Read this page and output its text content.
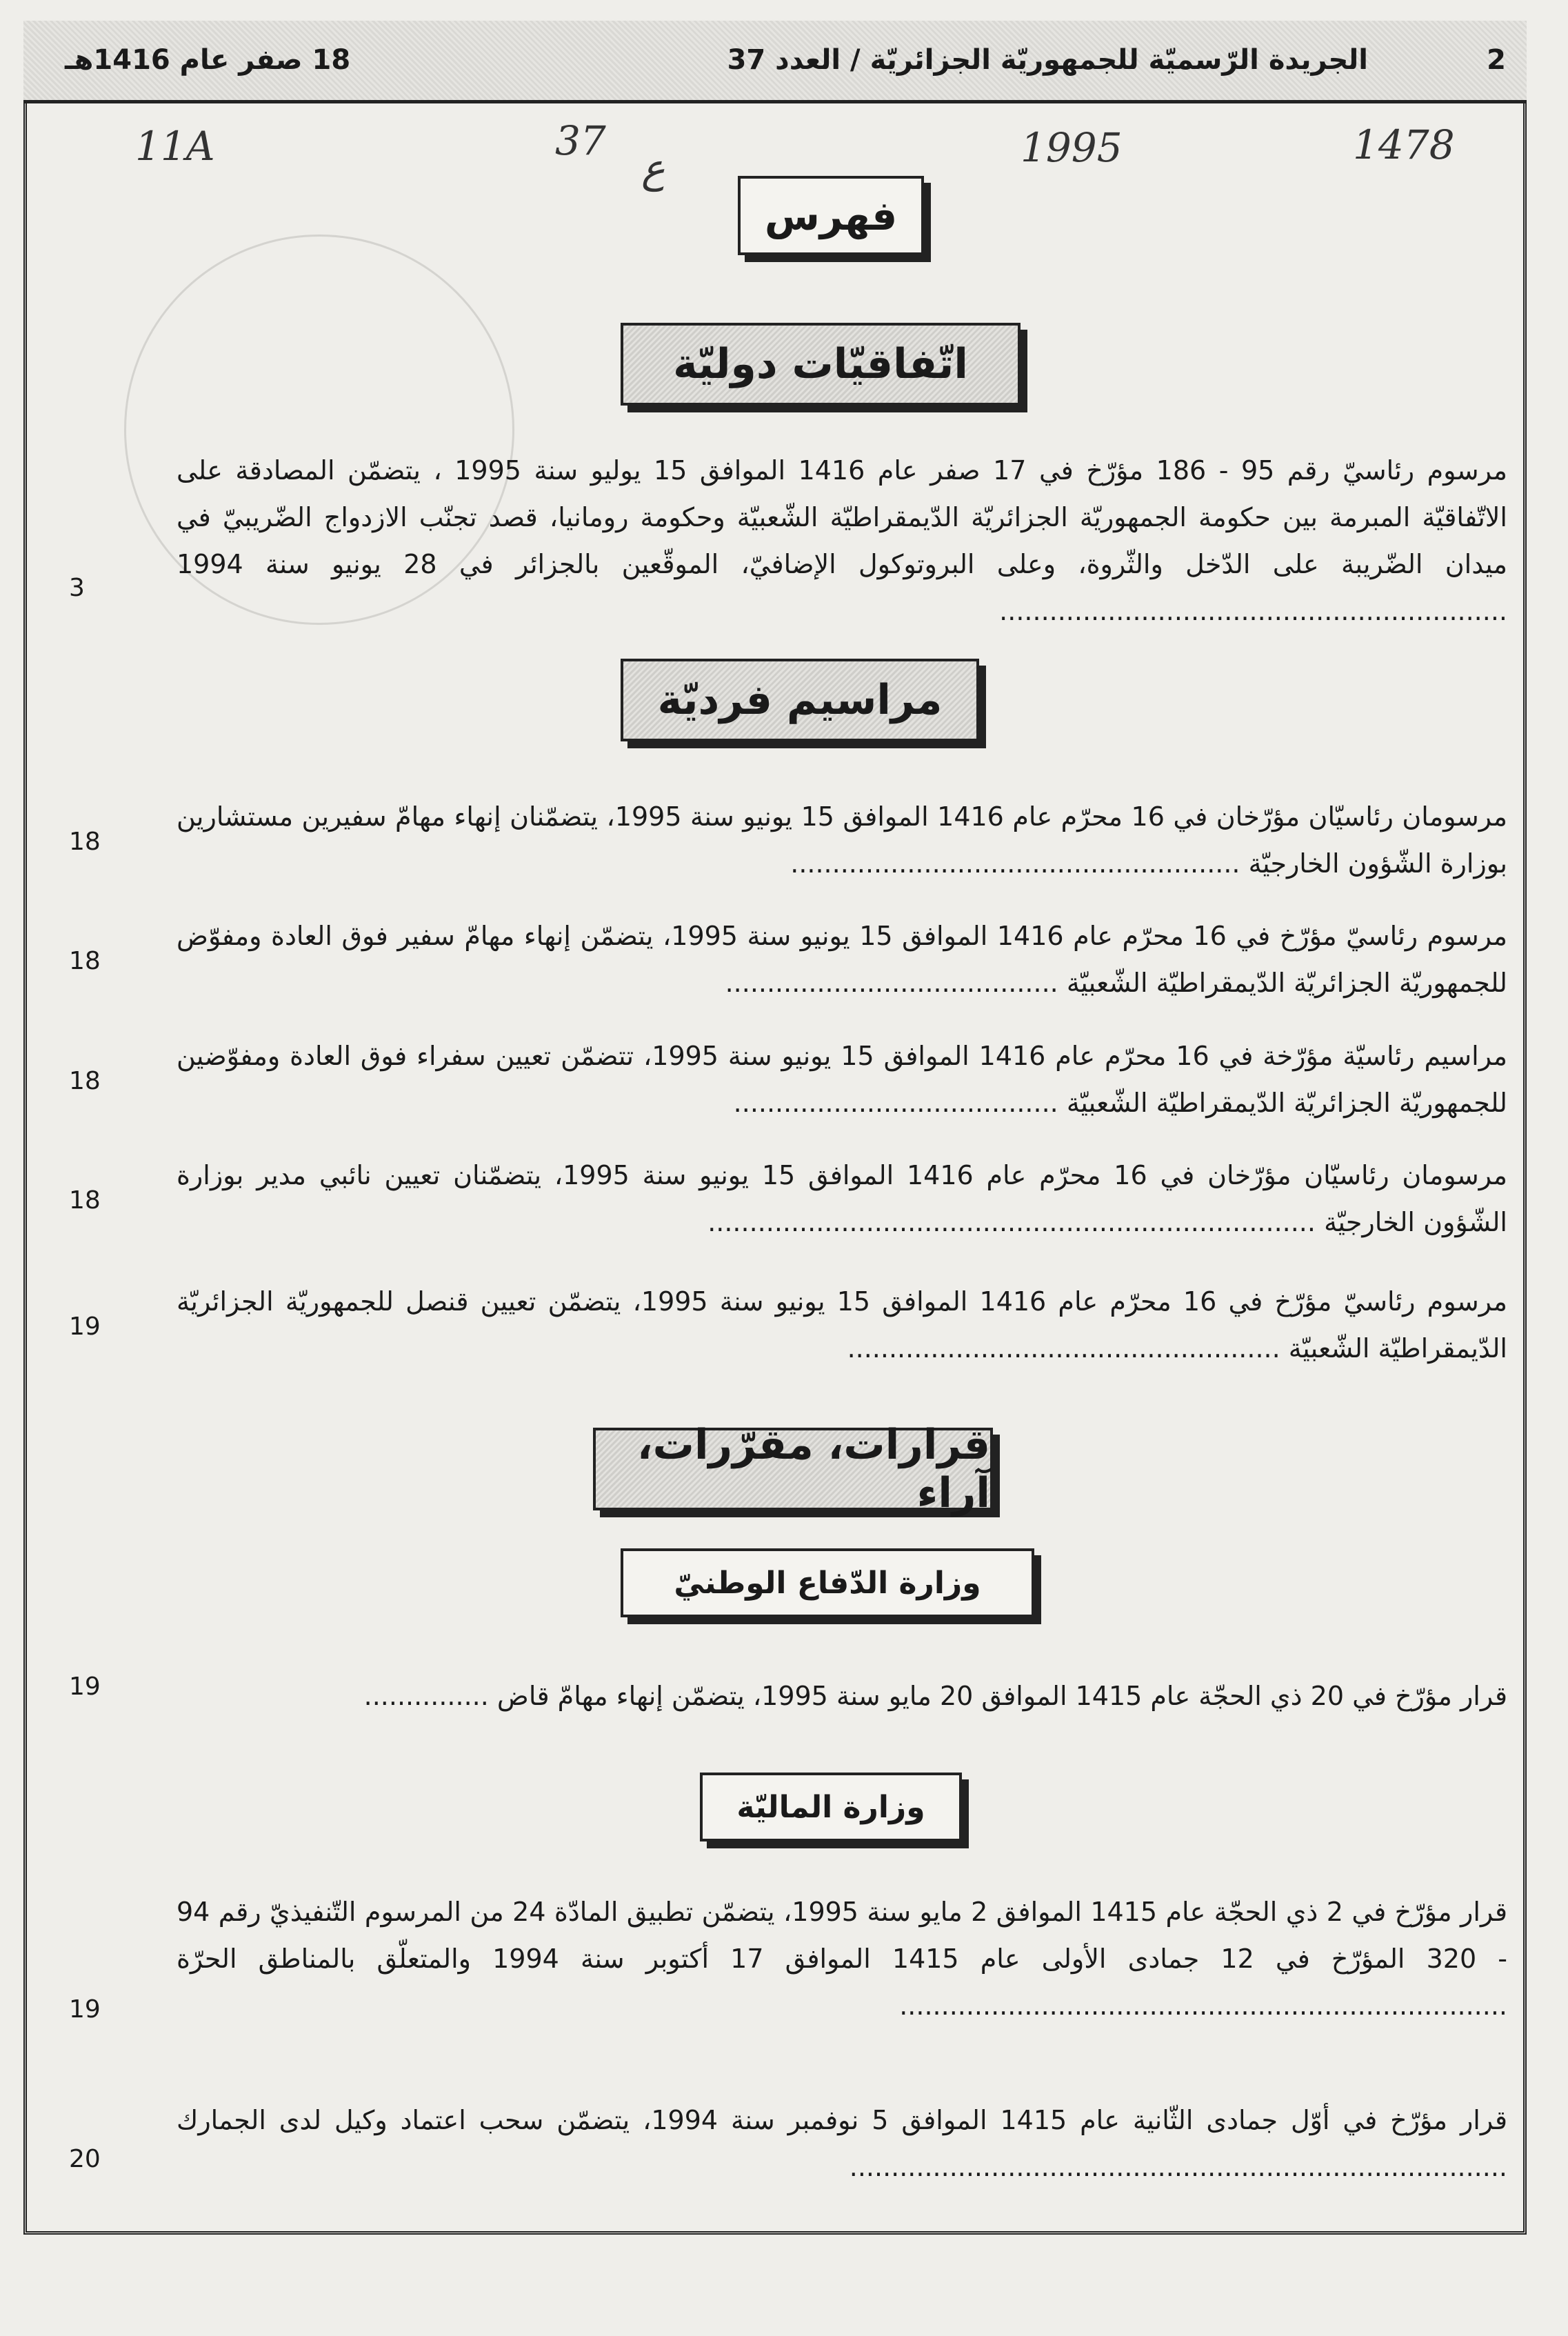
2
الجريدة الرّسميّة للجمهوريّة الجزائريّة / العدد 37
18 صفر عام 1416هـ
11A	37
ع	1995	1478
فهرس
اتّفاقيّات دوليّة

مرسوم رئاسيّ رقم 95 - 186 مؤرّخ في 17 صفر عام 1416 الموافق 15 يوليو سنة 1995 ، يتضمّن المصادقة على الاتّفاقيّة المبرمة بين حكومة الجمهوريّة الجزائريّة الدّيمقراطيّة الشّعبيّة وحكومة رومانيا، قصد تجنّب الازدواج الضّريبيّ في ميدان الضّريبة على الدّخل والثّروة، وعلى البروتوكول الإضافيّ، الموقّعين بالجزائر في 28 يونيو سنة 1994 .............................................................

3
مراسيم فرديّة

مرسومان رئاسيّان مؤرّخان في 16 محرّم عام 1416 الموافق 15 يونيو سنة 1995، يتضمّنان إنهاء مهامّ سفيرين مستشارين بوزارة الشّؤون الخارجيّة ......................................................

18

مرسوم رئاسيّ مؤرّخ في 16 محرّم عام 1416 الموافق 15 يونيو سنة 1995، يتضمّن إنهاء مهامّ سفير فوق العادة ومفوّض للجمهوريّة الجزائريّة الدّيمقراطيّة الشّعبيّة ........................................

18

مراسيم رئاسيّة مؤرّخة في 16 محرّم عام 1416 الموافق 15 يونيو سنة 1995، تتضمّن تعيين سفراء فوق العادة ومفوّضين للجمهوريّة الجزائريّة الدّيمقراطيّة الشّعبيّة .......................................

18

مرسومان رئاسيّان مؤرّخان في 16 محرّم عام 1416 الموافق 15 يونيو سنة 1995، يتضمّنان تعيين نائبي مدير بوزارة الشّؤون الخارجيّة .........................................................................

18

مرسوم رئاسيّ مؤرّخ في 16 محرّم عام 1416 الموافق 15 يونيو سنة 1995، يتضمّن تعيين قنصل للجمهوريّة الجزائريّة الدّيمقراطيّة الشّعبيّة ....................................................

19
قرارات، مقرّرات، آراء
وزارة الدّفاع الوطنيّ

قرار مؤرّخ في 20 ذي الحجّة عام 1415 الموافق 20 مايو سنة 1995، يتضمّن إنهاء مهامّ قاض ...............

19
وزارة الماليّة

قرار مؤرّخ في 2 ذي الحجّة عام 1415 الموافق 2 مايو سنة 1995، يتضمّن تطبيق المادّة 24 من المرسوم التّنفيذيّ رقم 94 - 320 المؤرّخ في 12 جمادى الأولى عام 1415 الموافق 17 أكتوبر سنة 1994 والمتعلّق بالمناطق الحرّة .........................................................................

19

قرار مؤرّخ في أوّل جمادى الثّانية عام 1415 الموافق 5 نوفمبر سنة 1994، يتضمّن سحب اعتماد وكيل لدى الجمارك ...............................................................................

20
